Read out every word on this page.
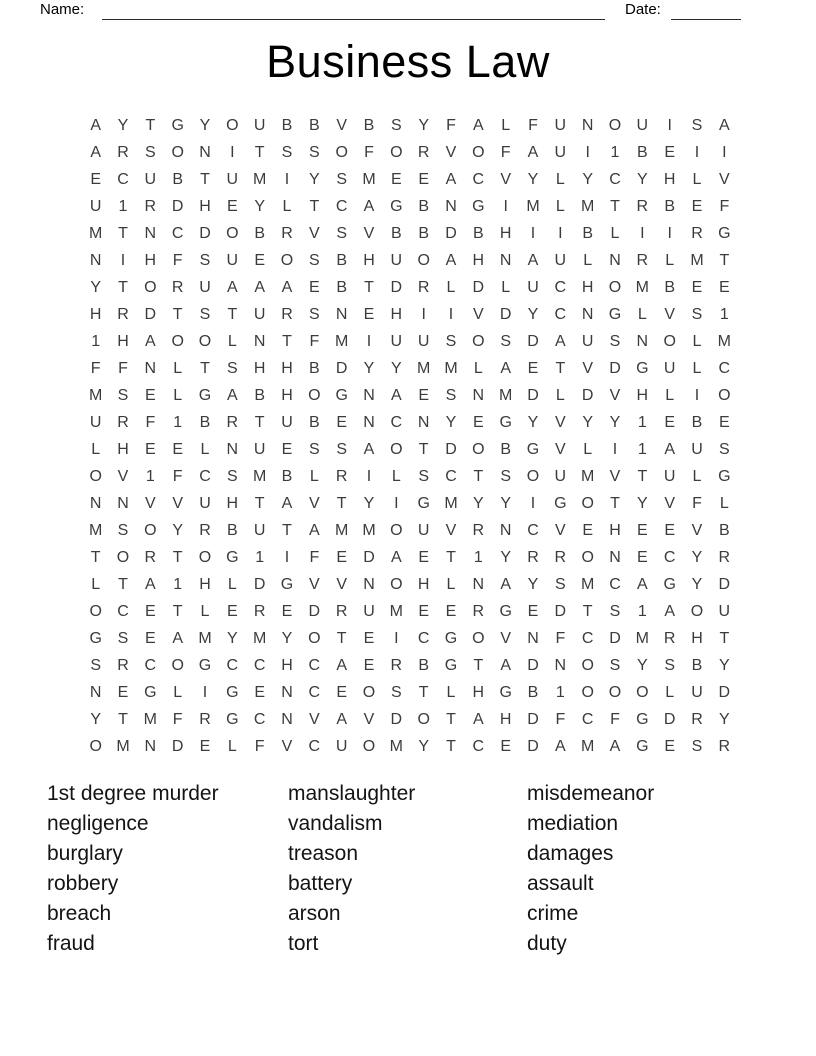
Name:	Date:
Business Law
A	Y	T	G Y O U	B	B	V	B	S	Y	F	A	L	F	U N O U	I	S	A
A	R	S O N	I	T	S	S O	F	O R	V O	F	A	U	I	1	B	E	I	I
E	C U	B	T	U M	I	Y	S M E	E	A	C	V	Y	L	Y	C	Y	H	L	V
U	1	R D H	E	Y	L	T	C	A G B	N G	I	M	L	M T	R	B	E	F
M T	N C D O B	R	V	S	V	B	B	D	B	H	I	I	B	L	I	I	R G
N	I	H	F	S	U	E O S	B	H U O A	H N	A	U	L	N R	L	M T
Y	T	O R U	A	A	A	E	B	T	D R	L	D	L	U C H O M B	E	E
H R D	T	S	T	U R	S	N	E	H	I	I	V	D	Y	C N G	L	V	S	1
1	H	A O O	L	N	T	F M	I	U U	S O S	D	A	U	S	N O	L	M
F	F	N	L	T	S	H H	B	D	Y	Y M M	L	A	E	T	V	D G U	L	C
M S	E	L	G A	B	H O G N	A	E	S	N M D	L	D	V	H	L	I	O
U R	F	1	B	R	T	U	B	E	N C N	Y	E G Y	V	Y	Y	1	E	B	E
L	H	E	E	L	N U	E	S	S	A O	T	D O B G V	L	I	1	A	U	S
O V	1	F	C	S M B	L	R	I	L	S	C	T	S O U M V	T	U	L	G
N N	V	V	U H	T	A	V	T	Y	I	G M Y	Y	I	G O	T	Y	V	F	L
M S O Y	R	B	U	T	A M M O U	V	R N C	V	E	H	E	E	V	B
T	O R	T	O G	1	I	F	E	D	A	E	T	1	Y	R R O N	E	C	Y	R
L	T	A	1	H	L	D G V	V	N O H	L	N	A	Y	S M C	A G Y	D
O C	E	T	L	E	R	E	D R U M E	E	R G E	D	T	S	1	A O U
G S	E	A M Y M Y O	T	E	I	C G O V	N	F	C D M R H	T
S	R C O G C C H C	A	E	R	B G	T	A	D N O S	Y	S	B	Y
N	E G	L	I	G E	N C	E O S	T	L	H G B	1	O O O	L	U D
Y	T M F	R G C N	V	A	V	D O	T	A	H D	F	C	F	G D R	Y
O M N D	E	L	F	V	C U O M Y	T	C	E	D	A M A G E	S	R
1st degree murder
negligence
burglary
robbery
breach
fraud
manslaughter
vandalism
treason
battery
arson
tort
misdemeanor
mediation
damages
assault
crime
duty
